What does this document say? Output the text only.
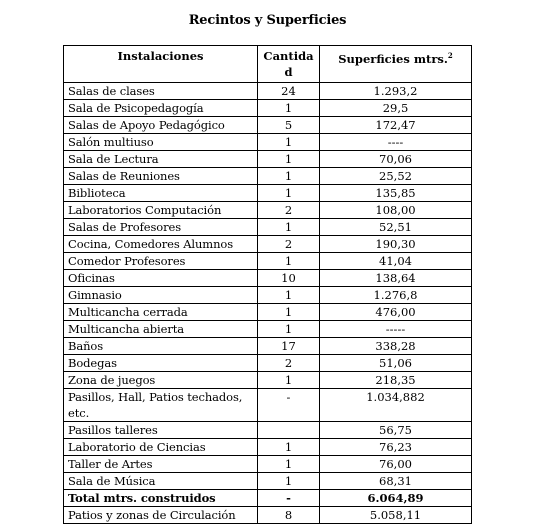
Recintos y Superficies
Instalaciones	Cantidad	Superficies mtrs.$^2$
Salas de clases	24	1.293,2
Sala de Psicopedagogía	1	29,5
Salas de Apoyo Pedagógico	5	172,47
Salón multiuso	1	----
Sala de Lectura	1	70,06
Salas de Reuniones	1	25,52
Biblioteca	1	135,85
Laboratorios Computación	2	108,00
Salas de Profesores	1	52,51
Cocina, Comedores Alumnos	2	190,30
Comedor Profesores	1	41,04
Oficinas	10	138,64
Gimnasio	1	1.276,8
Multicancha cerrada	1	476,00
Multicancha abierta	1	-----
Baños	17	338,28
Bodegas	2	51,06
Zona de juegos	1	218,35
Pasillos, Hall, Patios techados, etc.	-	1.034,882
Pasillos talleres		56,75
Laboratorio de Ciencias	1	76,23
Taller de Artes	1	76,00
Sala de Música	1	68,31
Total mtrs. construidos	-	6.064,89
Patios y zonas de Circulación	8	5.058,11
